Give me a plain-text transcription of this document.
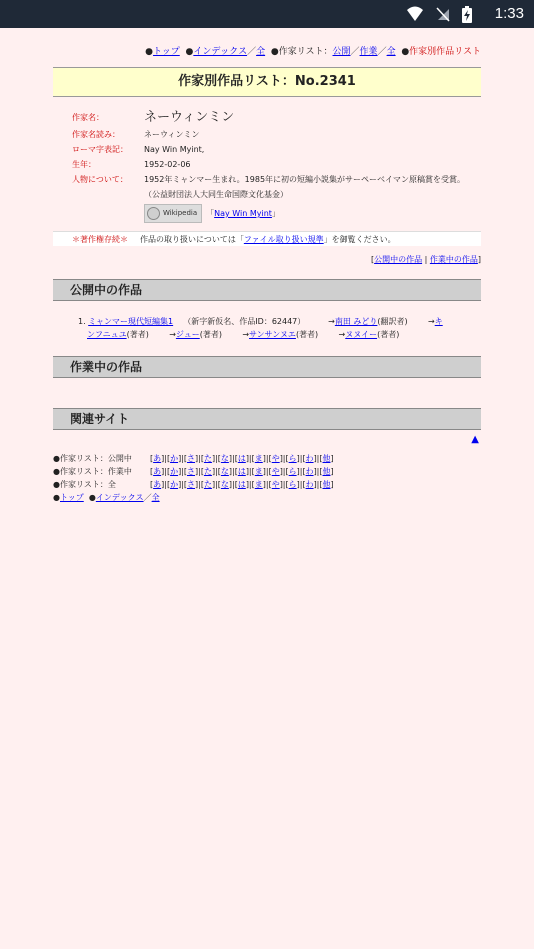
1:33
●トップ  ●インデックス／全  ●作家リスト：公開／作業／全  ●作家別作品リスト
作家別作品リスト：No.2341
作家名：	ネーウィンミン
作家名読み：	ネーウィンミン
ローマ字表記：	Nay Win Myint,
生年：	1952-02-06
人物について：	1952年ミャンマー生まれ。1985年に初の短編小説集がサーペーベイマン原稿賞を受賞。（公益財団法人大同生命国際文化基金）
Wikipedia 「Nay Win Myint」
＊著作権存続＊	作品の取り扱いについては「ファイル取り扱い規準」を御覧ください。
[公開中の作品 | 作業中の作品]
公開中の作品
1. ミャンマー現代短編集1 （新字新仮名、作品ID：62447）         →南田 みどり(翻訳者)        →キ
ンフニュユ(著者)        →ジュー(著者)        →サンサンヌエ(著者)        →ヌヌイー(著者)
作業中の作品
関連サイト
▲
●作家リスト：公開中	[あ]|[か]|[さ]|[た]|[な]|[は]|[ま]|[や]|[ら]|[わ]|[他]
●作家リスト：作業中	[あ]|[か]|[さ]|[た]|[な]|[は]|[ま]|[や]|[ら]|[わ]|[他]
●作家リスト：全	[あ]|[か]|[さ]|[た]|[な]|[は]|[ま]|[や]|[ら]|[わ]|[他]
● トップ ● インデックス ／ 全
